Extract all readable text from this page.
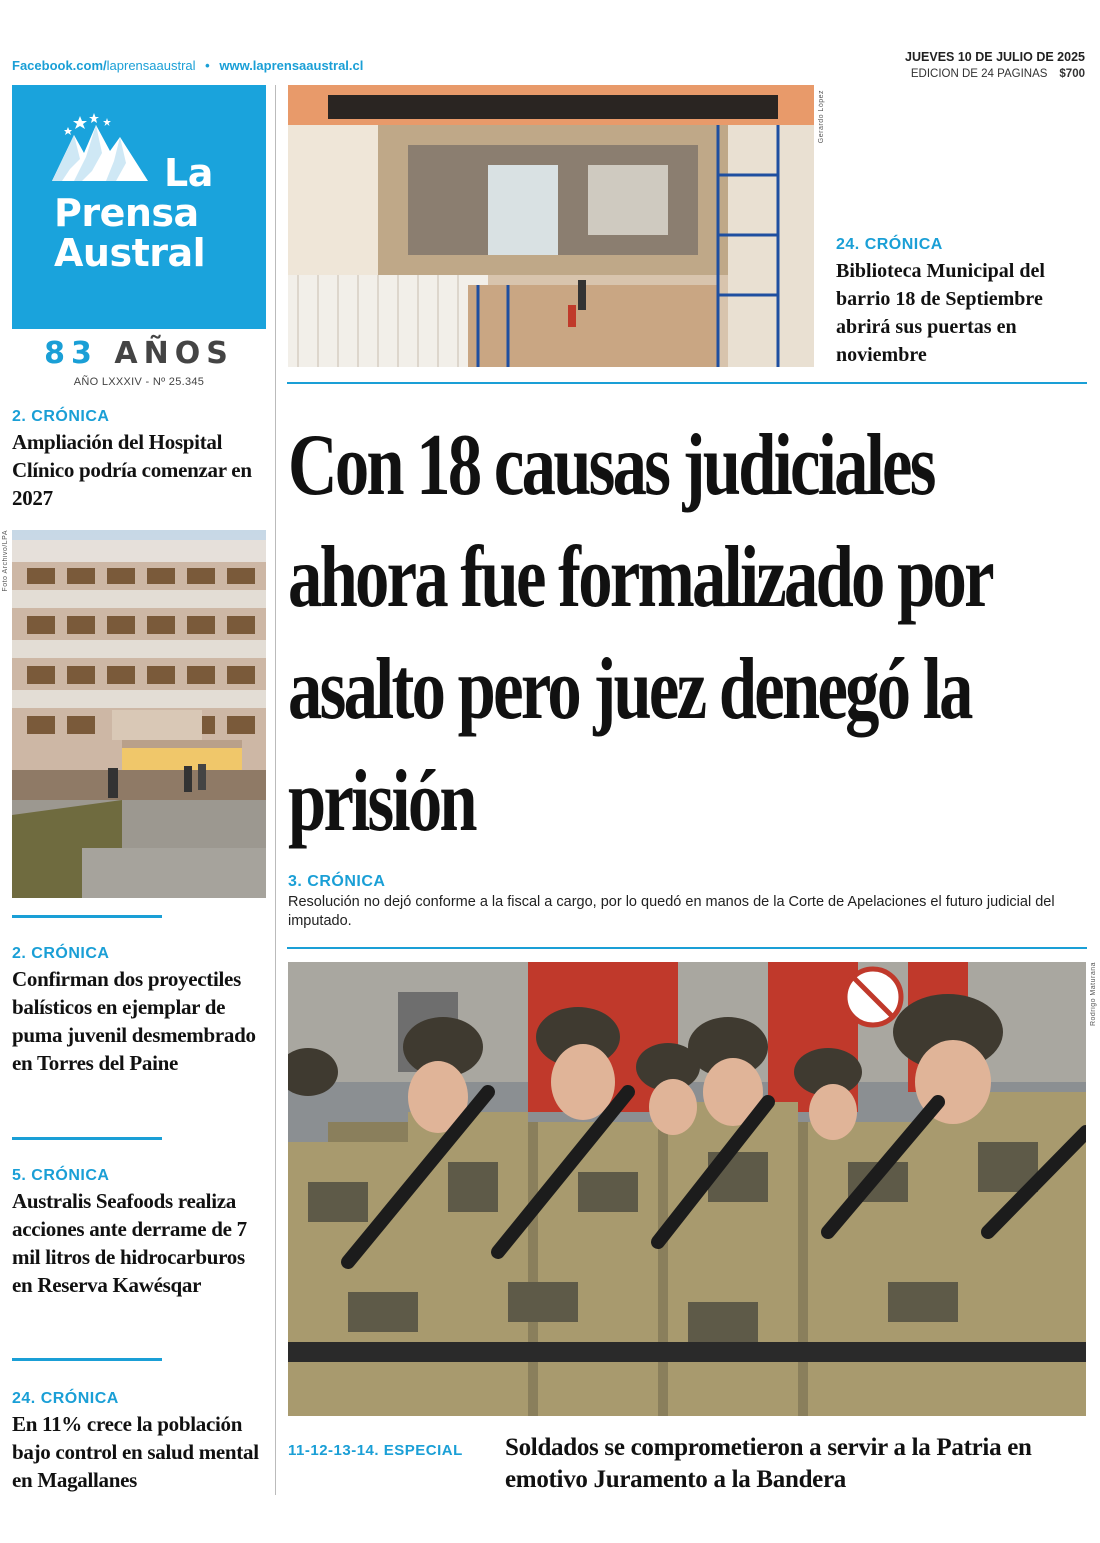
Facebook.com/laprensaaustral • www.laprensaaustral.cl
JUEVES 10 DE JULIO DE 2025
EDICION DE 24 PAGINAS $700
La
Prensa
Austral
83 AÑOS
AÑO LXXXIV - Nº 25.345
2. CRÓNICA
Ampliación del Hospital Clínico podría comenzar en 2027
Foto Archivo/LPA
2. CRÓNICA
Confirman dos proyectiles balísticos en ejemplar de puma juvenil desmembrado en Torres del Paine
5. CRÓNICA
Australis Seafoods realiza acciones ante derrame de 7 mil litros de hidrocarburos en Reserva Kawésqar
24. CRÓNICA
En 11% crece la población bajo control en salud mental en Magallanes
Gerardo López
24. CRÓNICA
Biblioteca Municipal del barrio 18 de Septiembre abrirá sus puertas en noviembre
Con 18 causas judiciales ahora fue formalizado por asalto pero juez denegó la prisión
3. CRÓNICA
Resolución no dejó conforme a la fiscal a cargo, por lo quedó en manos de la Corte de Apelaciones el futuro judicial del imputado.
Rodrigo Maturana
11-12-13-14. ESPECIAL Soldados se comprometieron a servir a la Patria en emotivo Juramento a la Bandera
